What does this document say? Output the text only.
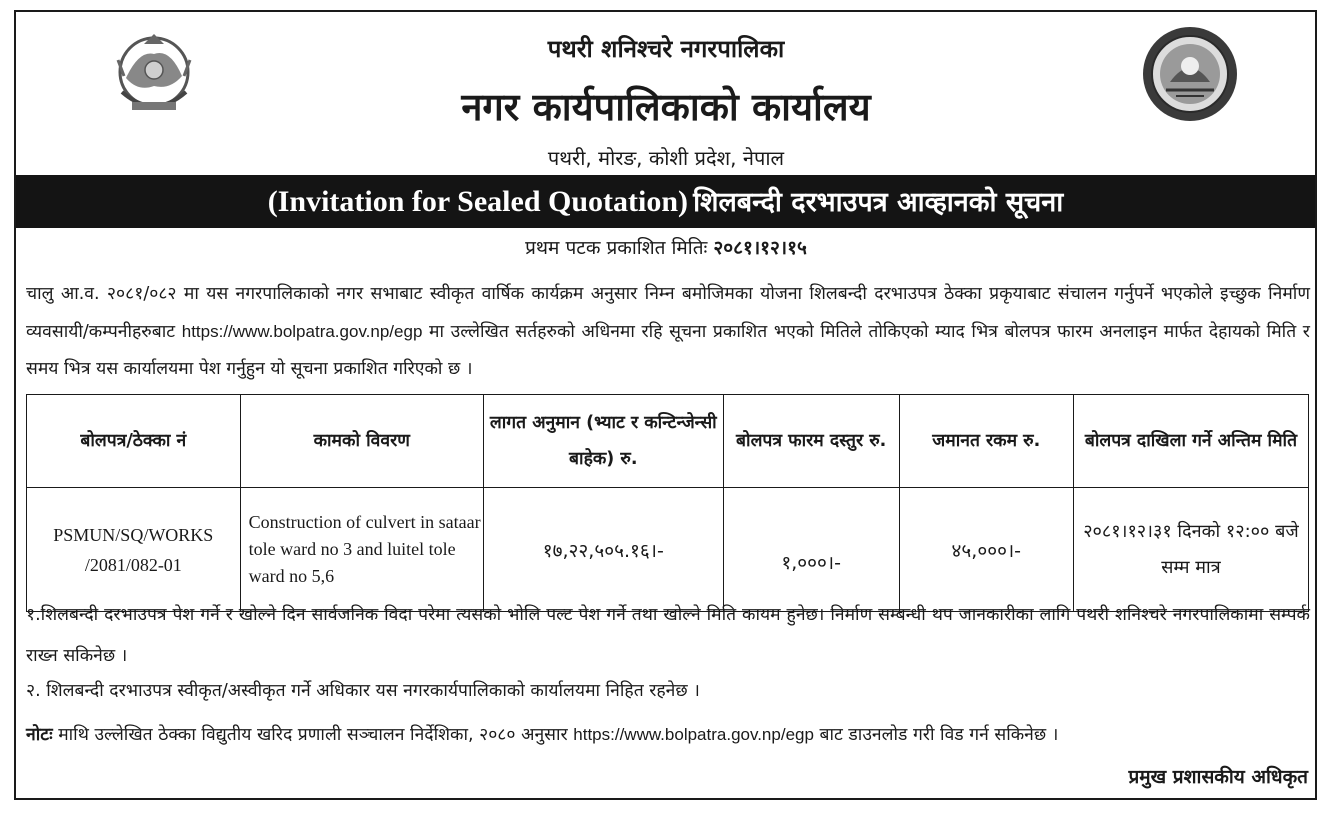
पथरी शनिश्चरे नगरपालिका
नगर कार्यपालिकाको कार्यालय
पथरी, मोरङ, कोशी प्रदेश, नेपाल
(Invitation for Sealed Quotation) शिलबन्दी दरभाउपत्र आव्हानको सूचना
प्रथम पटक प्रकाशित मितिः २०८१।१२।१५
चालु आ.व. २०८१/०८२ मा यस नगरपालिकाको नगर सभाबाट स्वीकृत वार्षिक कार्यक्रम अनुसार निम्न बमोजिमका योजना शिलबन्दी दरभाउपत्र ठेक्का प्रकृयाबाट संचालन गर्नुपर्ने भएकोले इच्छुक निर्माण व्यवसायी/कम्पनीहरुबाट https://www.bolpatra.gov.np/egp मा उल्लेखित सर्तहरुको अधिनमा रहि सूचना प्रकाशित भएको मितिले तोकिएको म्याद भित्र बोलपत्र फारम अनलाइन मार्फत देहायको मिति र समय भित्र यस कार्यालयमा पेश गर्नुहुन यो सूचना प्रकाशित गरिएको छ ।
बोलपत्र/ठेक्का नं	कामको विवरण	लागत अनुमान (भ्याट र कन्टिन्जेन्सी बाहेक) रु.	बोलपत्र फारम दस्तुर रु.	जमानत रकम रु.	बोलपत्र दाखिला गर्ने अन्तिम मिति
PSMUN/SQ/WORKS /2081/082-01	Construction of culvert in sataar tole ward no 3 and luitel tole ward no 5,6	१७,२२,५०५.१६।-	१,०००।-	४५,०००।-	२०८१।१२।३१ दिनको १२:०० बजे सम्म मात्र
१.शिलबन्दी दरभाउपत्र पेश गर्ने र खोल्ने दिन सार्वजनिक विदा परेमा त्यसको भोलि पल्ट पेश गर्ने तथा खोल्ने मिति कायम हुनेछ। निर्माण सम्बन्धी थप जानकारीका लागि पथरी शनिश्चरे नगरपालिकामा सम्पर्क राख्न सकिनेछ ।
२. शिलबन्दी दरभाउपत्र स्वीकृत/अस्वीकृत गर्ने अधिकार यस नगरकार्यपालिकाको कार्यालयमा निहित रहनेछ ।
नोटः माथि उल्लेखित ठेक्का विद्युतीय खरिद प्रणाली सञ्चालन निर्देशिका, २०८० अनुसार https://www.bolpatra.gov.np/egp बाट डाउनलोड गरी विड गर्न सकिनेछ ।
प्रमुख प्रशासकीय अधिकृत
